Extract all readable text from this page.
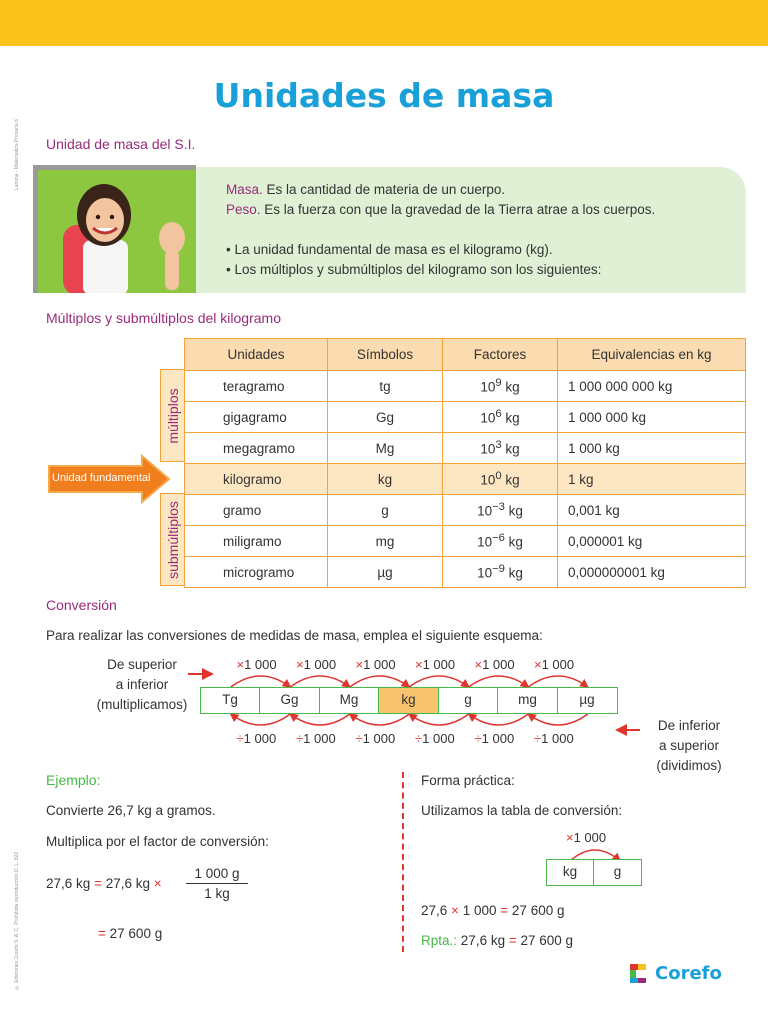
Lamina - Matematica Primaria 6
© Ediciones Corefo S. A. C. Prohibida reproducción D. L. 822
Unidades de masa
Unidad de masa del S.I.
Masa. Es la cantidad de materia de un cuerpo.
Peso. Es la fuerza con que la gravedad de la Tierra atrae a los cuerpos.
• La unidad fundamental de masa es el kilogramo (kg).
• Los múltiplos y submúltiplos del kilogramo son los siguientes:
Múltiplos y submúltiplos del kilogramo
múltiplos
submúltiplos
Unidad fundamental
Unidades	Símbolos	Factores	Equivalencias en kg
teragramo	tg	$10^9$ kg	1 000 000 000 kg
gigagramo	Gg	$10^6$ kg	1 000 000 kg
megagramo	Mg	$10^3$ kg	1 000 kg
kilogramo	kg	$10^0$ kg	1 kg
gramo	g	$10^{-3}$ kg	0,001 kg
miligramo	mg	$10^{-6}$ kg	0,000001 kg
microgramo	µg	$10^{-9}$ kg	0,000000001 kg
Conversión
Para realizar las conversiones de medidas de masa, emplea el siguiente esquema:
De superior
a inferior
(multiplicamos)
De inferior
a superior
(dividimos)
Tg	Gg	Mg	kg	g	mg	µg
×1 000
÷1 000
×1 000
÷1 000
×1 000
÷1 000
×1 000
÷1 000
×1 000
÷1 000
×1 000
÷1 000
Ejemplo:
Convierte 26,7 kg a gramos.
Multiplica por el factor de conversión:
27,6 kg = 27,6 kg × $\frac{1 000 g}{1 kg}$
= 27 600 g
Forma práctica:
Utilizamos la tabla de conversión:
×1 000
kg	g
27,6 × 1 000 = 27 600 g
Rpta.: 27,6 kg = 27 600 g
Corefo
